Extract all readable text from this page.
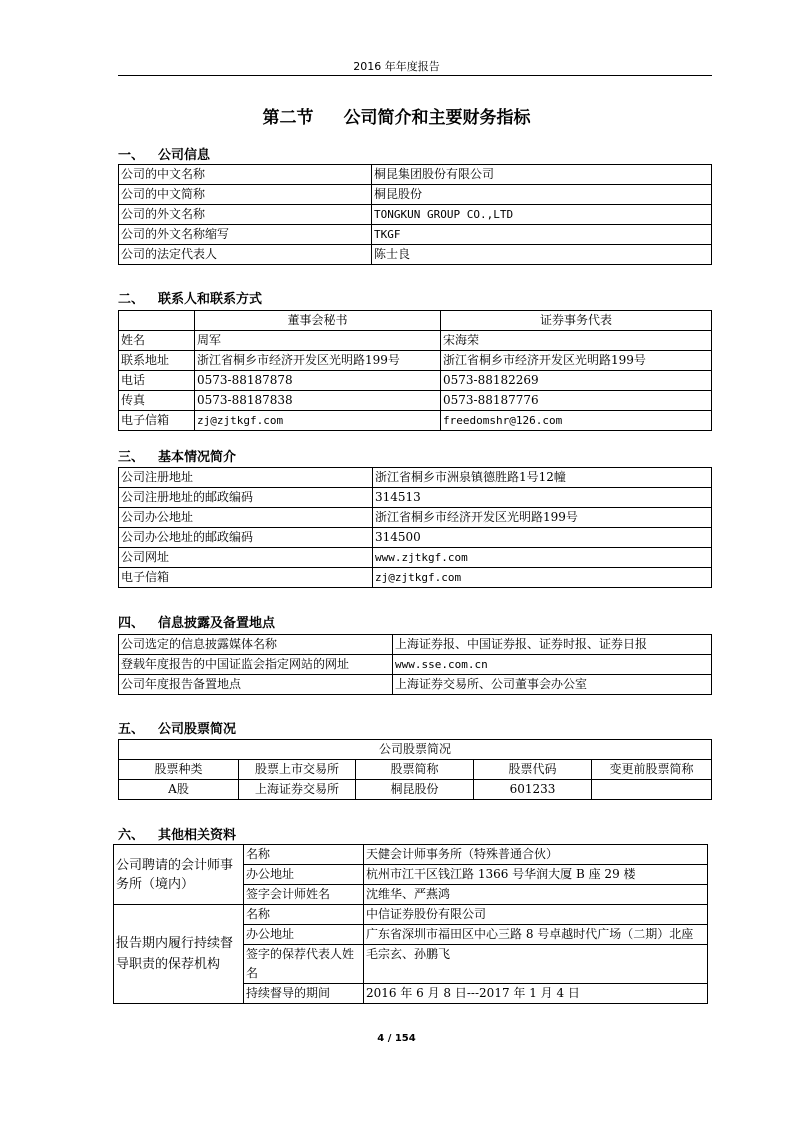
2016 年年度报告
第二节 公司简介和主要财务指标
一、 公司信息
公司的中文名称	桐昆集团股份有限公司
公司的中文简称	桐昆股份
公司的外文名称	TONGKUN GROUP CO.,LTD
公司的外文名称缩写	TKGF
公司的法定代表人	陈士良
二、 联系人和联系方式
	董事会秘书	证券事务代表
姓名	周军	宋海荣
联系地址	浙江省桐乡市经济开发区光明路199号	浙江省桐乡市经济开发区光明路199号
电话	0573-88187878	0573-88182269
传真	0573-88187838	0573-88187776
电子信箱	zj@zjtkgf.com	freedomshr@126.com
三、 基本情况简介
公司注册地址	浙江省桐乡市洲泉镇德胜路1号12幢
公司注册地址的邮政编码	314513
公司办公地址	浙江省桐乡市经济开发区光明路199号
公司办公地址的邮政编码	314500
公司网址	www.zjtkgf.com
电子信箱	zj@zjtkgf.com
四、 信息披露及备置地点
公司选定的信息披露媒体名称	上海证券报、中国证券报、证券时报、证券日报
登载年度报告的中国证监会指定网站的网址	www.sse.com.cn
公司年度报告备置地点	上海证券交易所、公司董事会办公室
五、 公司股票简况
公司股票简况				
股票种类	股票上市交易所	股票简称	股票代码	变更前股票简称
A股	上海证券交易所	桐昆股份	601233	
六、 其他相关资料
公司聘请的会计师事务所（境内）	名称	天健会计师事务所（特殊普通合伙）
	办公地址	杭州市江干区钱江路 1366 号华润大厦 B 座 29 楼
	签字会计师姓名	沈维华、严燕鸿
报告期内履行持续督导职责的保荐机构	名称	中信证券股份有限公司
	办公地址	广东省深圳市福田区中心三路 8 号卓越时代广场（二期）北座
	签字的保荐代表人姓名	毛宗玄、孙鹏飞
	持续督导的期间	2016 年 6 月 8 日---2017 年 1 月 4 日
4 / 154
